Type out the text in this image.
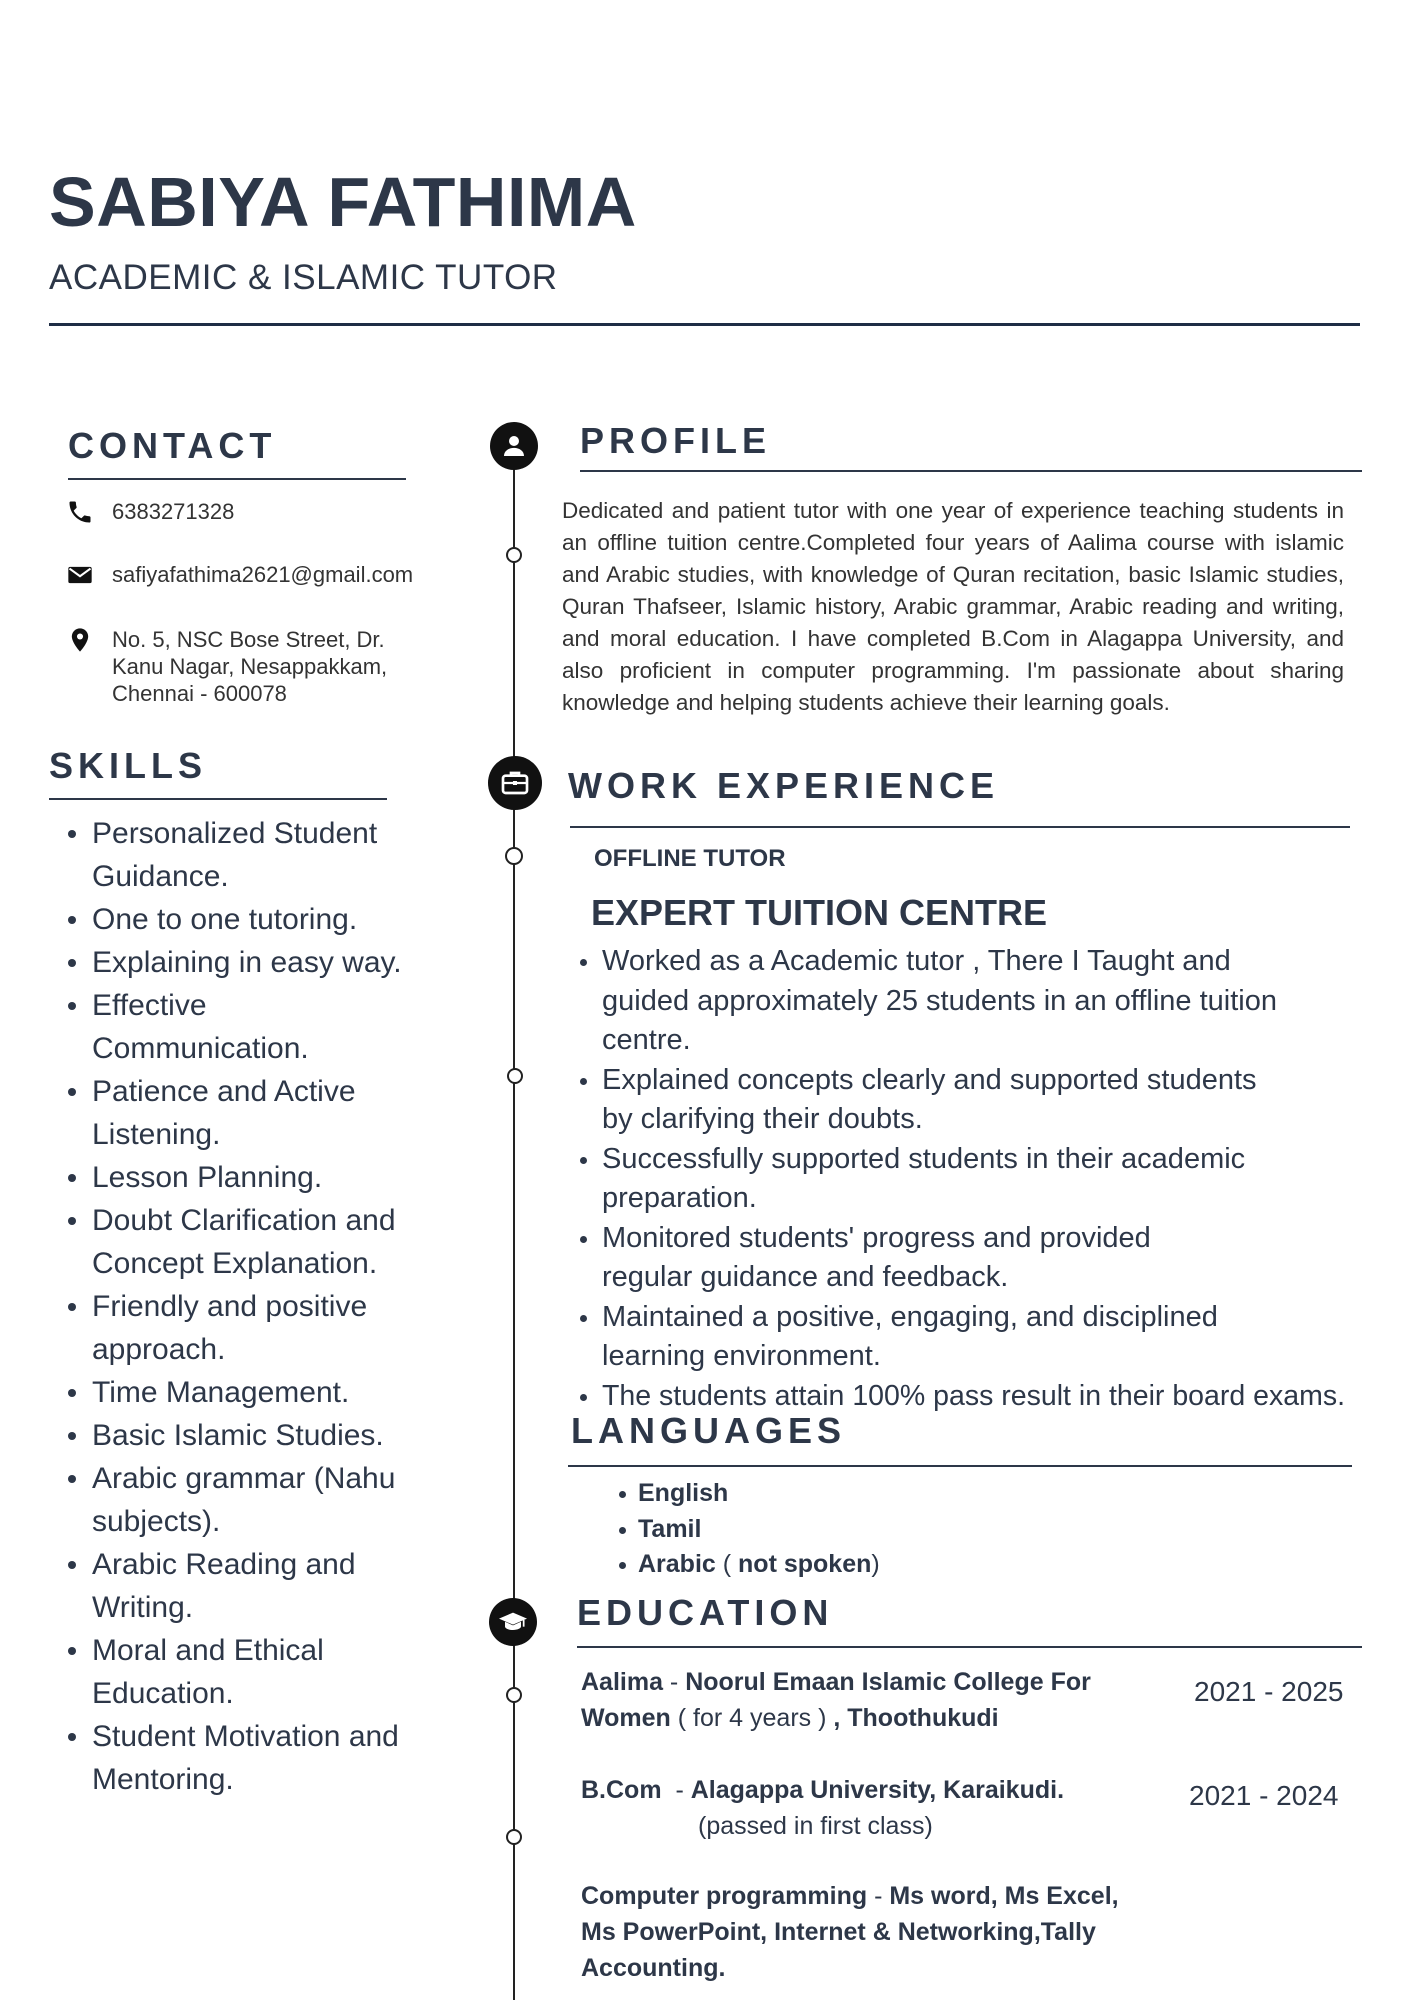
SABIYA FATHIMA
ACADEMIC & ISLAMIC TUTOR
CONTACT
6383271328
safiyafathima2621@gmail.com
No. 5, NSC Bose Street, Dr.
Kanu Nagar, Nesappakkam,
Chennai - 600078
SKILLS
Personalized Student Guidance.
One to one tutoring.
Explaining in easy way.
Effective Communication.
Patience and Active Listening.
Lesson Planning.
Doubt Clarification and Concept Explanation.
Friendly and positive approach.
Time Management.
Basic Islamic Studies.
Arabic grammar (Nahu subjects).
Arabic Reading and Writing.
Moral and Ethical Education.
Student Motivation and Mentoring.
PROFILE
Dedicated and patient tutor with one year of experience teaching students in an offline tuition centre.Completed four years of Aalima course with islamic and Arabic studies, with knowledge of Quran recitation, basic Islamic studies, Quran Thafseer, Islamic history, Arabic grammar, Arabic reading and writing, and moral education. I have completed B.Com in Alagappa University, and also proficient in computer programming. I'm passionate about sharing knowledge and helping students achieve their learning goals.
WORK EXPERIENCE
OFFLINE TUTOR
EXPERT TUITION CENTRE
Worked as a Academic tutor , There I Taught and guided approximately 25 students in an offline tuition centre.
Explained concepts clearly and supported students by clarifying their doubts.
Successfully supported students in their academic preparation.
Monitored students' progress and provided regular guidance and feedback.
Maintained a positive, engaging, and disciplined learning environment.
The students attain 100% pass result in their board exams.
LANGUAGES
English
Tamil
Arabic ( not spoken)
EDUCATION
Aalima - Noorul Emaan Islamic College For
Women ( for 4 years ) , Thoothukudi
2021 - 2025
B.Com  - Alagappa University, Karaikudi.
(passed in first class)
2021 - 2024
Computer programming - Ms word, Ms Excel,
Ms PowerPoint, Internet & Networking,Tally
Accounting.
